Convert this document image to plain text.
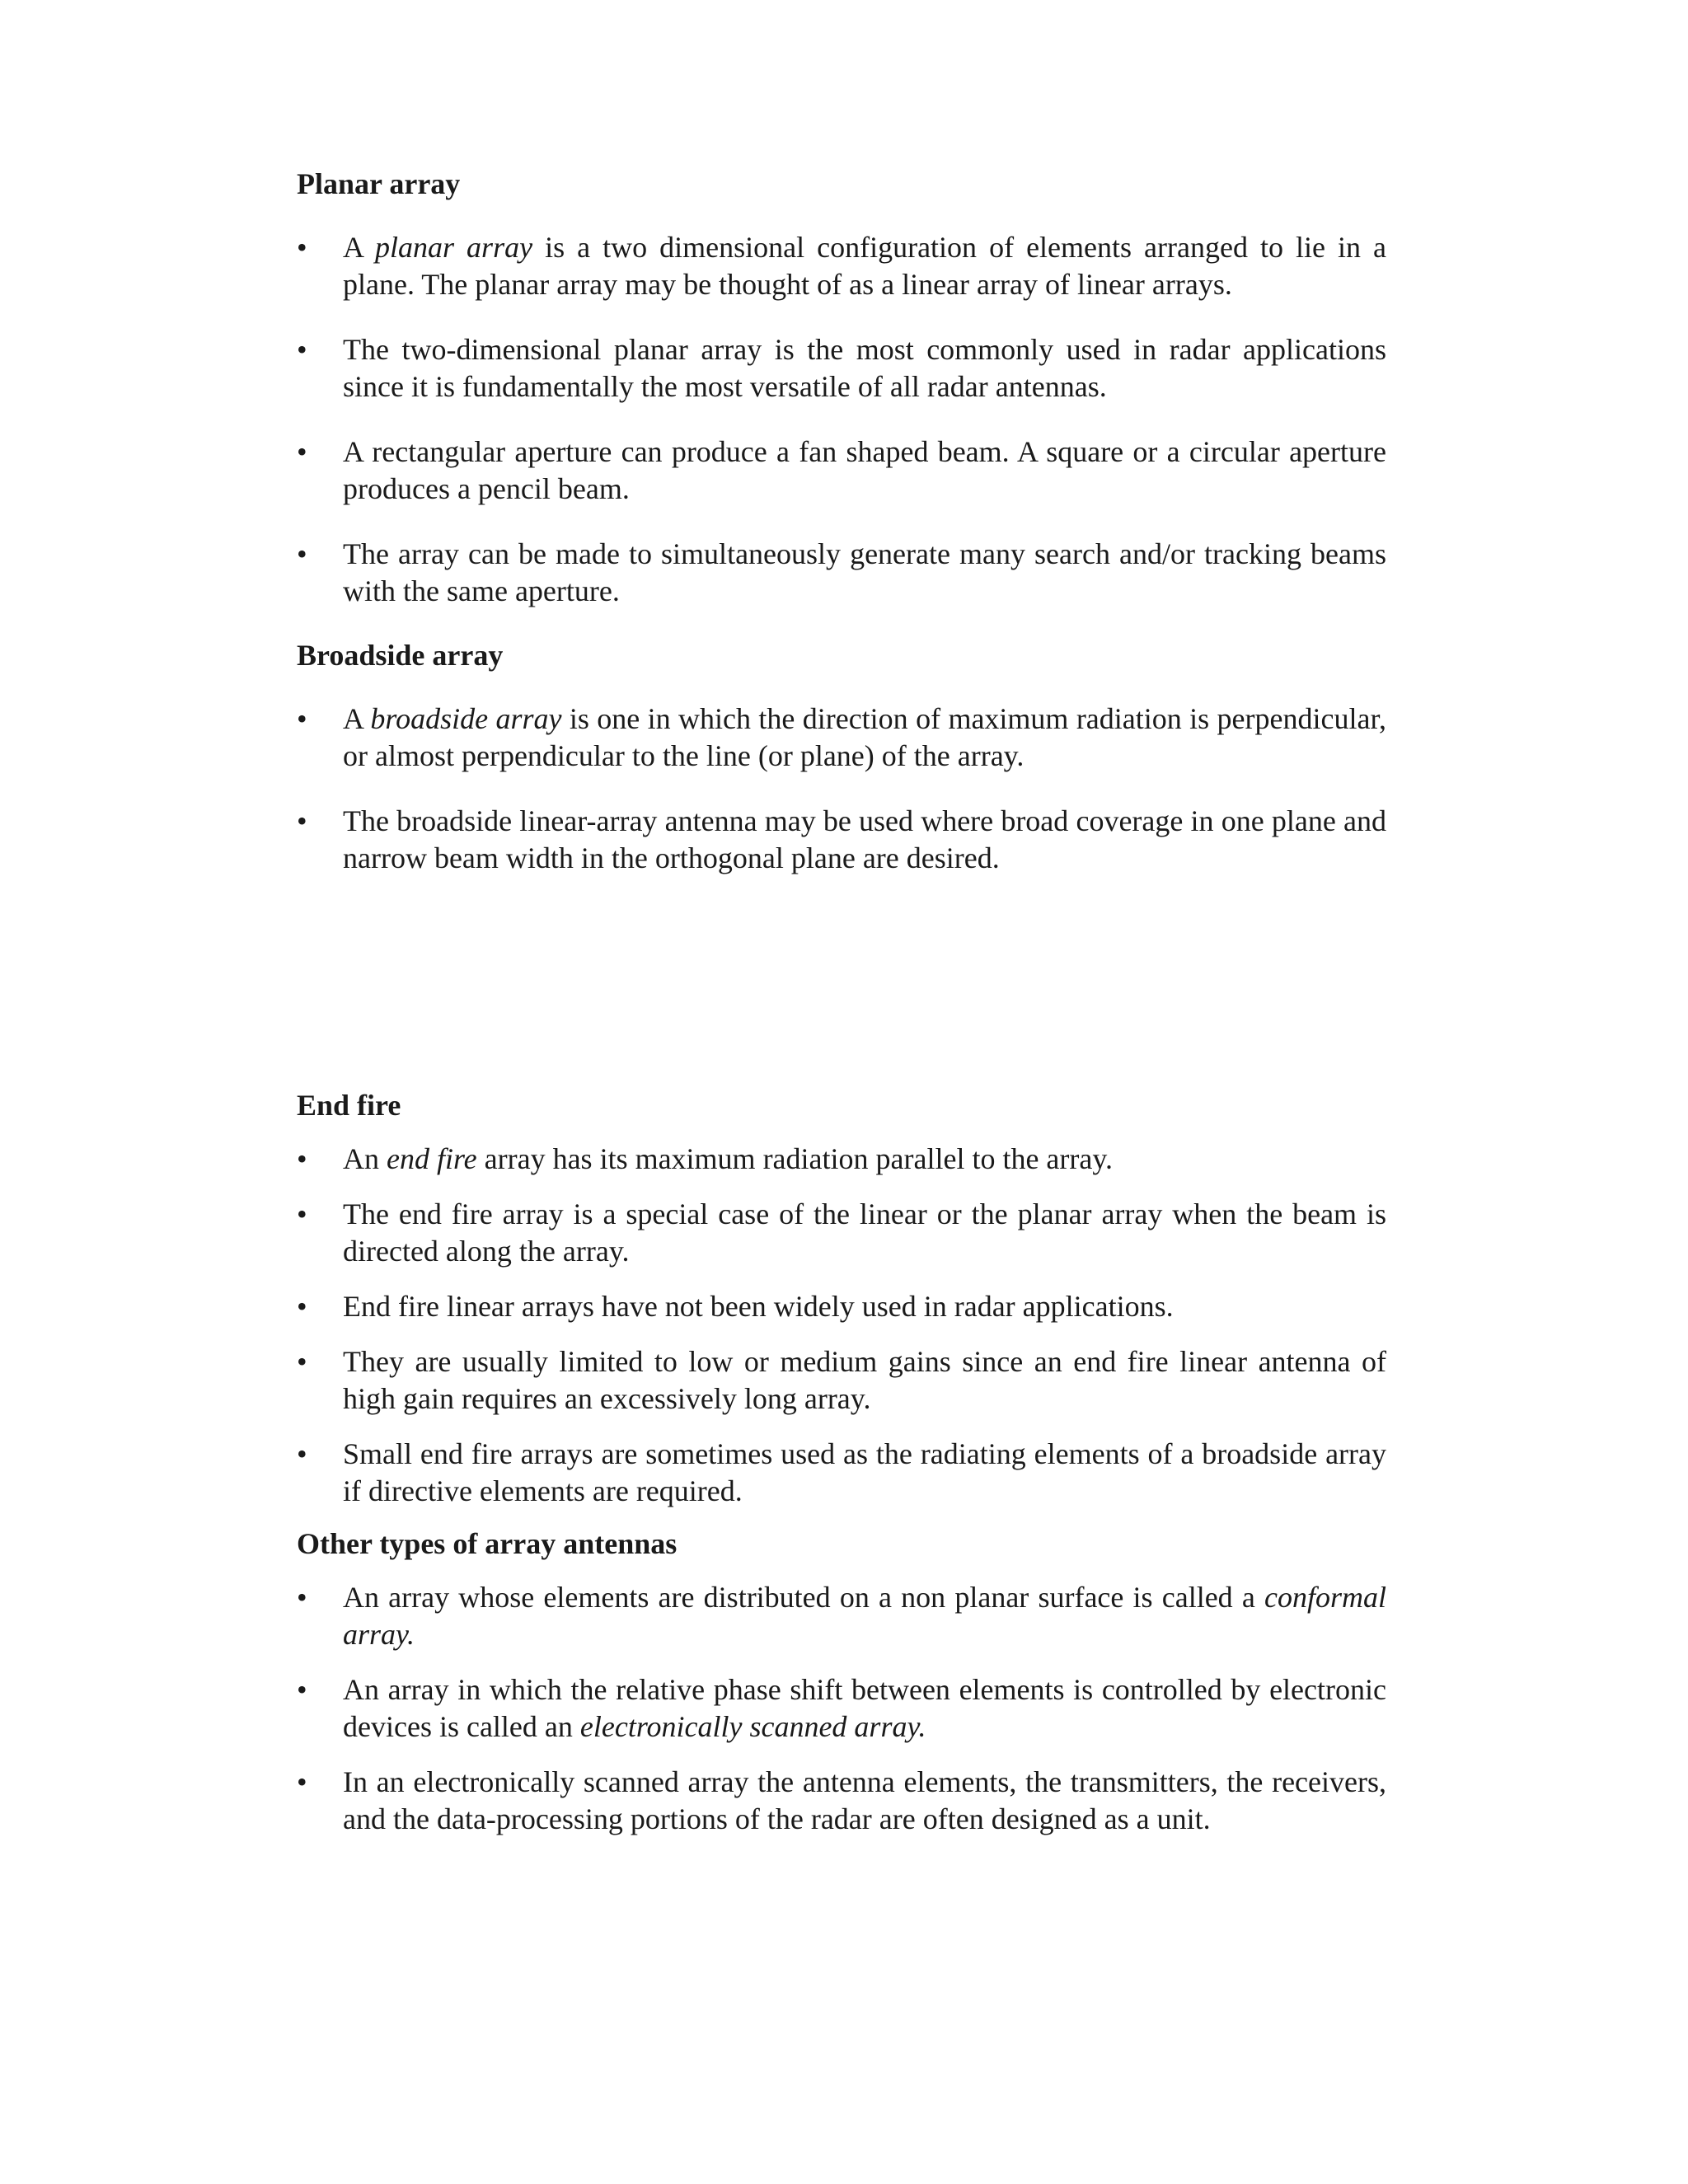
Planar array
•	A planar array is a two dimensional configuration of elements arranged to lie in a plane. The planar array may be thought of as a linear array of linear arrays.
•	The two-dimensional planar array is the most commonly used in radar applications since it is fundamentally the most versatile of all radar antennas.
•	A rectangular aperture can produce a fan shaped beam. A square or a circular aperture produces a pencil beam.
•	The array can be made to simultaneously generate many search and/or tracking beams with the same aperture.
Broadside array
•	A broadside array is one in which the direction of maximum radiation is perpendicular, or almost perpendicular to the line (or plane) of the array.
•	The broadside linear-array antenna may be used where broad coverage in one plane and narrow beam width in the orthogonal plane are desired.
End fire
•	An end fire array has its maximum radiation parallel to the array.
•	The end fire array is a special case of the linear or the planar array when the beam is directed along the array.
•	End fire linear arrays have not been widely used in radar applications.
•	They are usually limited to low or medium gains since an end fire linear antenna of high gain requires an excessively long array.
•	Small end fire arrays are sometimes used as the radiating elements of a broadside array if directive elements are required.
Other types of array antennas
•	An array whose elements are distributed on a non planar surface is called a conformal array.
•	An array in which the relative phase shift between elements is controlled by electronic devices is called an electronically scanned array.
•	In an electronically scanned array the antenna elements, the transmitters, the receivers, and the data-processing portions of the radar are often designed as a unit.
